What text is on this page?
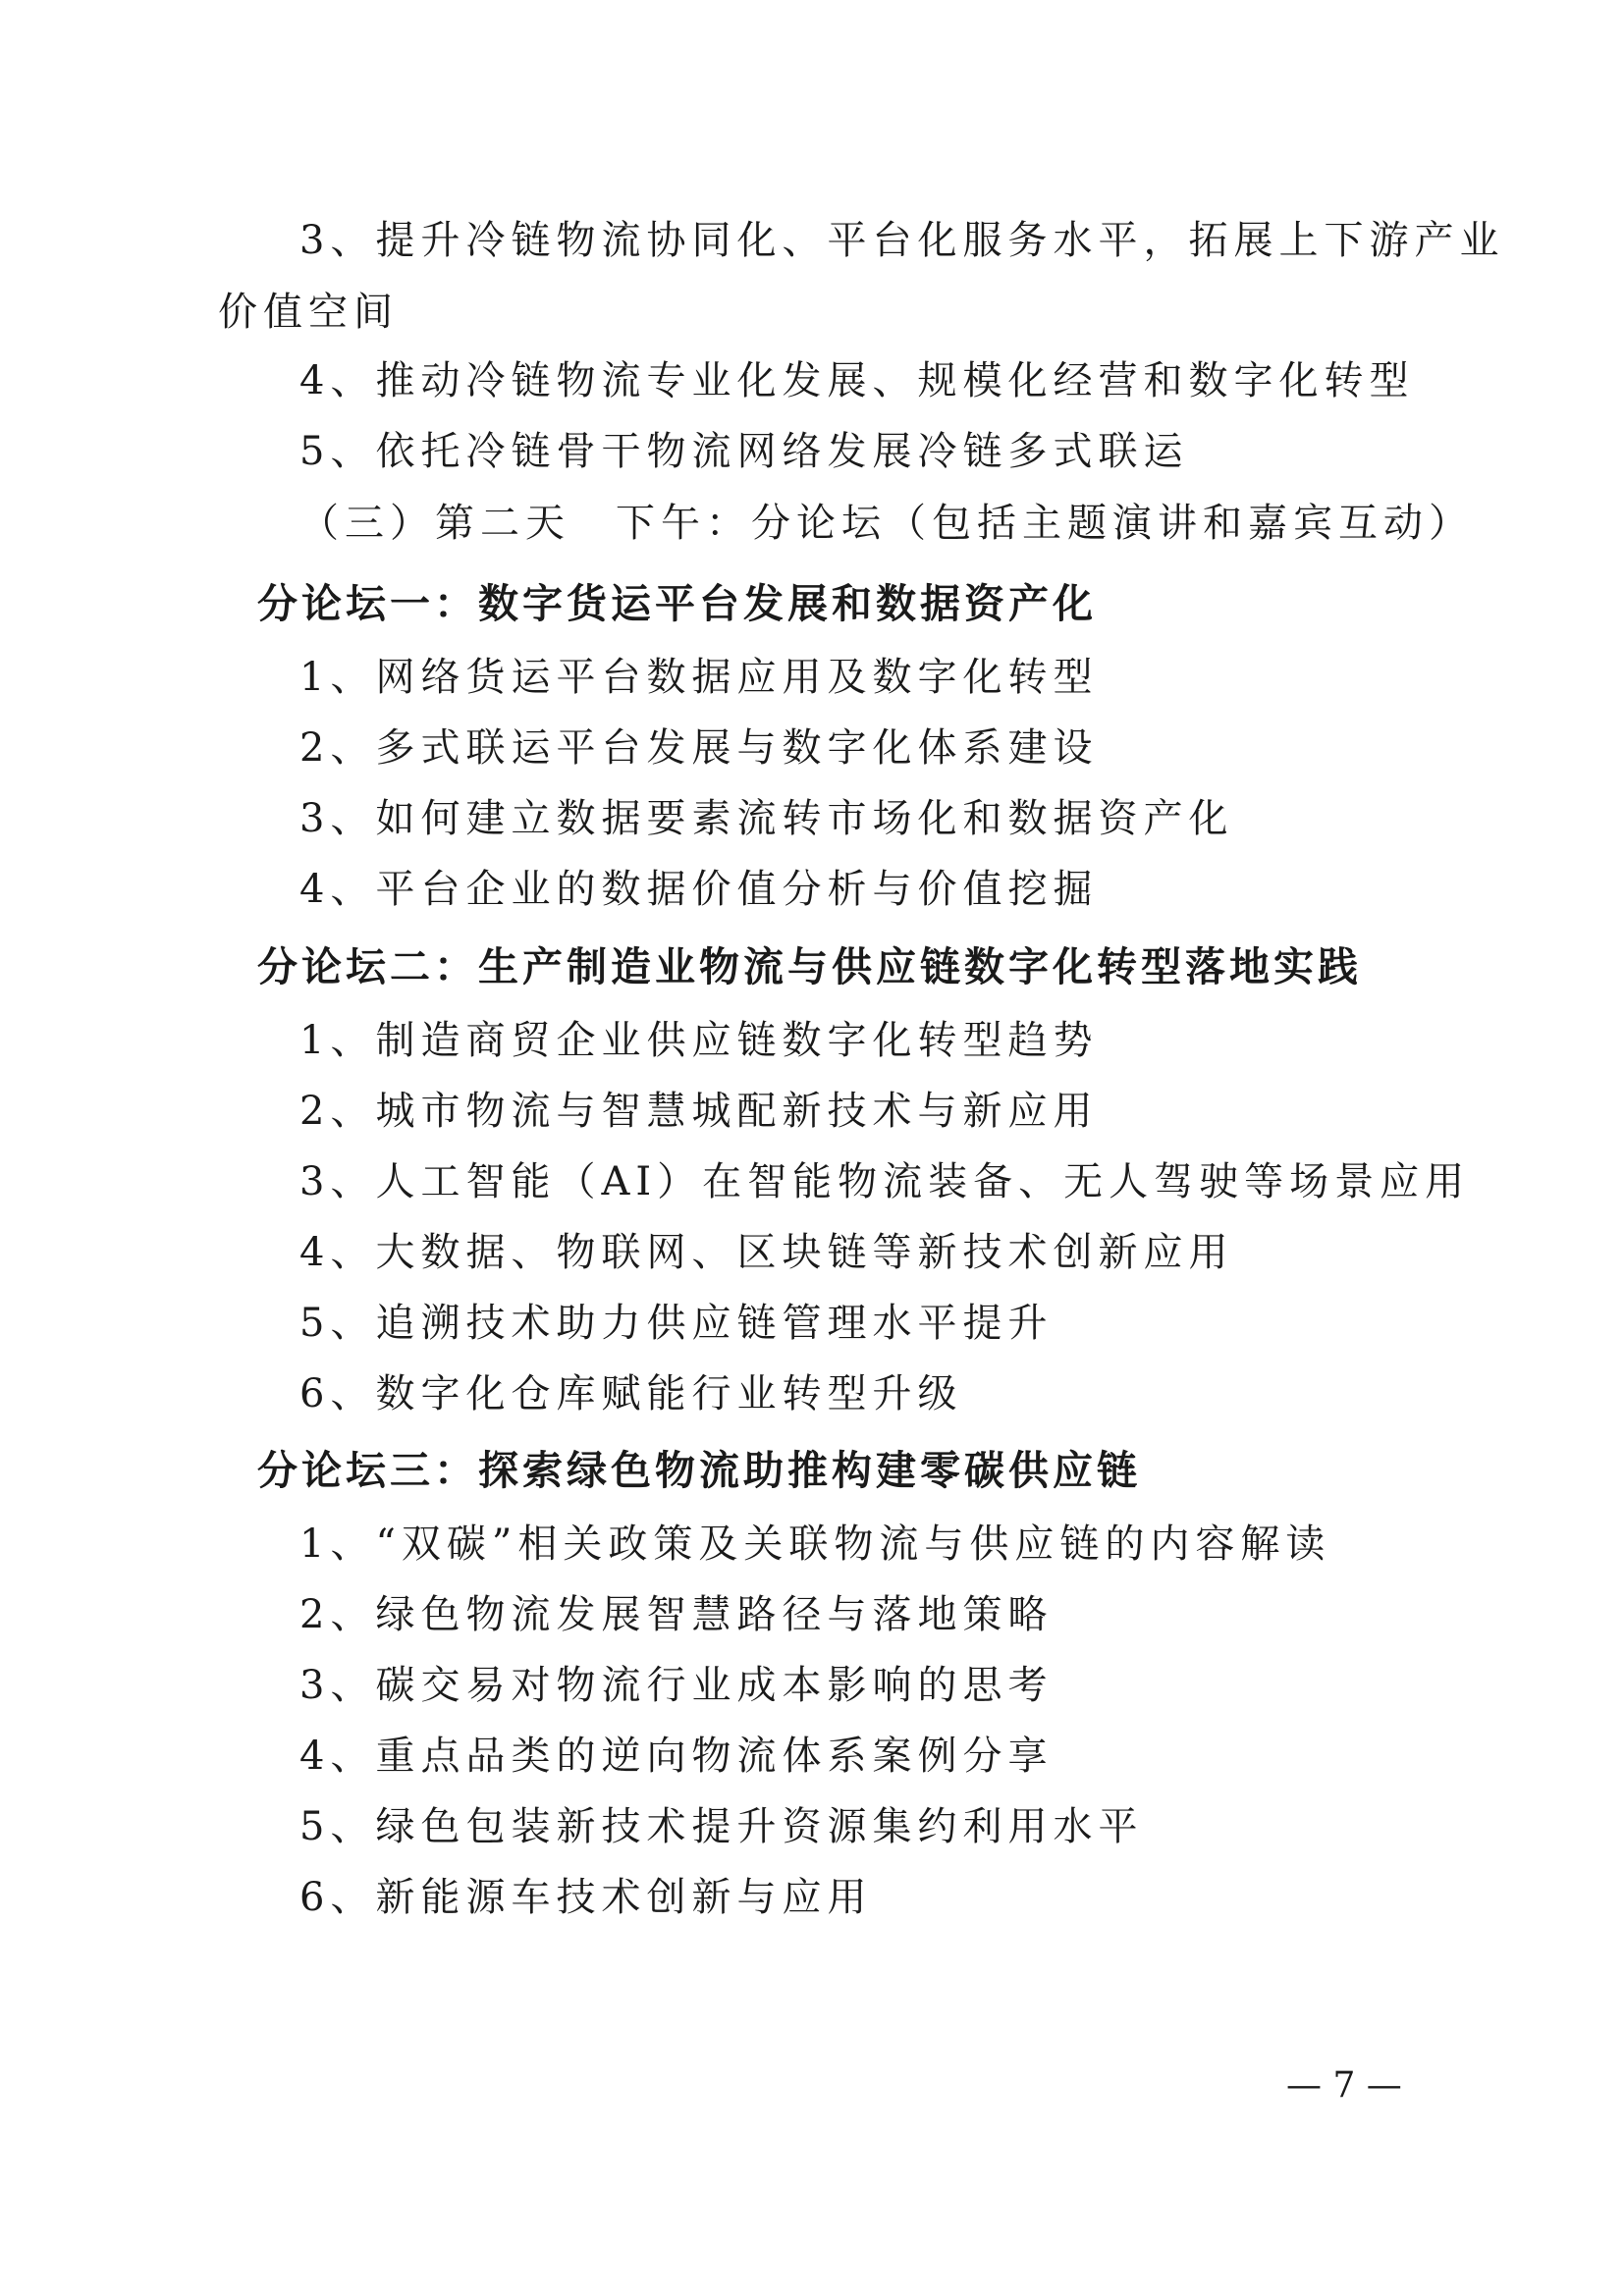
3、提升冷链物流协同化、平台化服务水平，拓展上下游产业
价值空间
4、推动冷链物流专业化发展、规模化经营和数字化转型
5、依托冷链骨干物流网络发展冷链多式联运
（三）第二天　下午：分论坛（包括主题演讲和嘉宾互动）
分论坛一：数字货运平台发展和数据资产化
1、网络货运平台数据应用及数字化转型
2、多式联运平台发展与数字化体系建设
3、如何建立数据要素流转市场化和数据资产化
4、平台企业的数据价值分析与价值挖掘
分论坛二：生产制造业物流与供应链数字化转型落地实践
1、制造商贸企业供应链数字化转型趋势
2、城市物流与智慧城配新技术与新应用
3、人工智能（AI）在智能物流装备、无人驾驶等场景应用
4、大数据、物联网、区块链等新技术创新应用
5、追溯技术助力供应链管理水平提升
6、数字化仓库赋能行业转型升级
分论坛三：探索绿色物流助推构建零碳供应链
1、“双碳”相关政策及关联物流与供应链的内容解读
2、绿色物流发展智慧路径与落地策略
3、碳交易对物流行业成本影响的思考
4、重点品类的逆向物流体系案例分享
5、绿色包装新技术提升资源集约利用水平
6、新能源车技术创新与应用
— 7 —
